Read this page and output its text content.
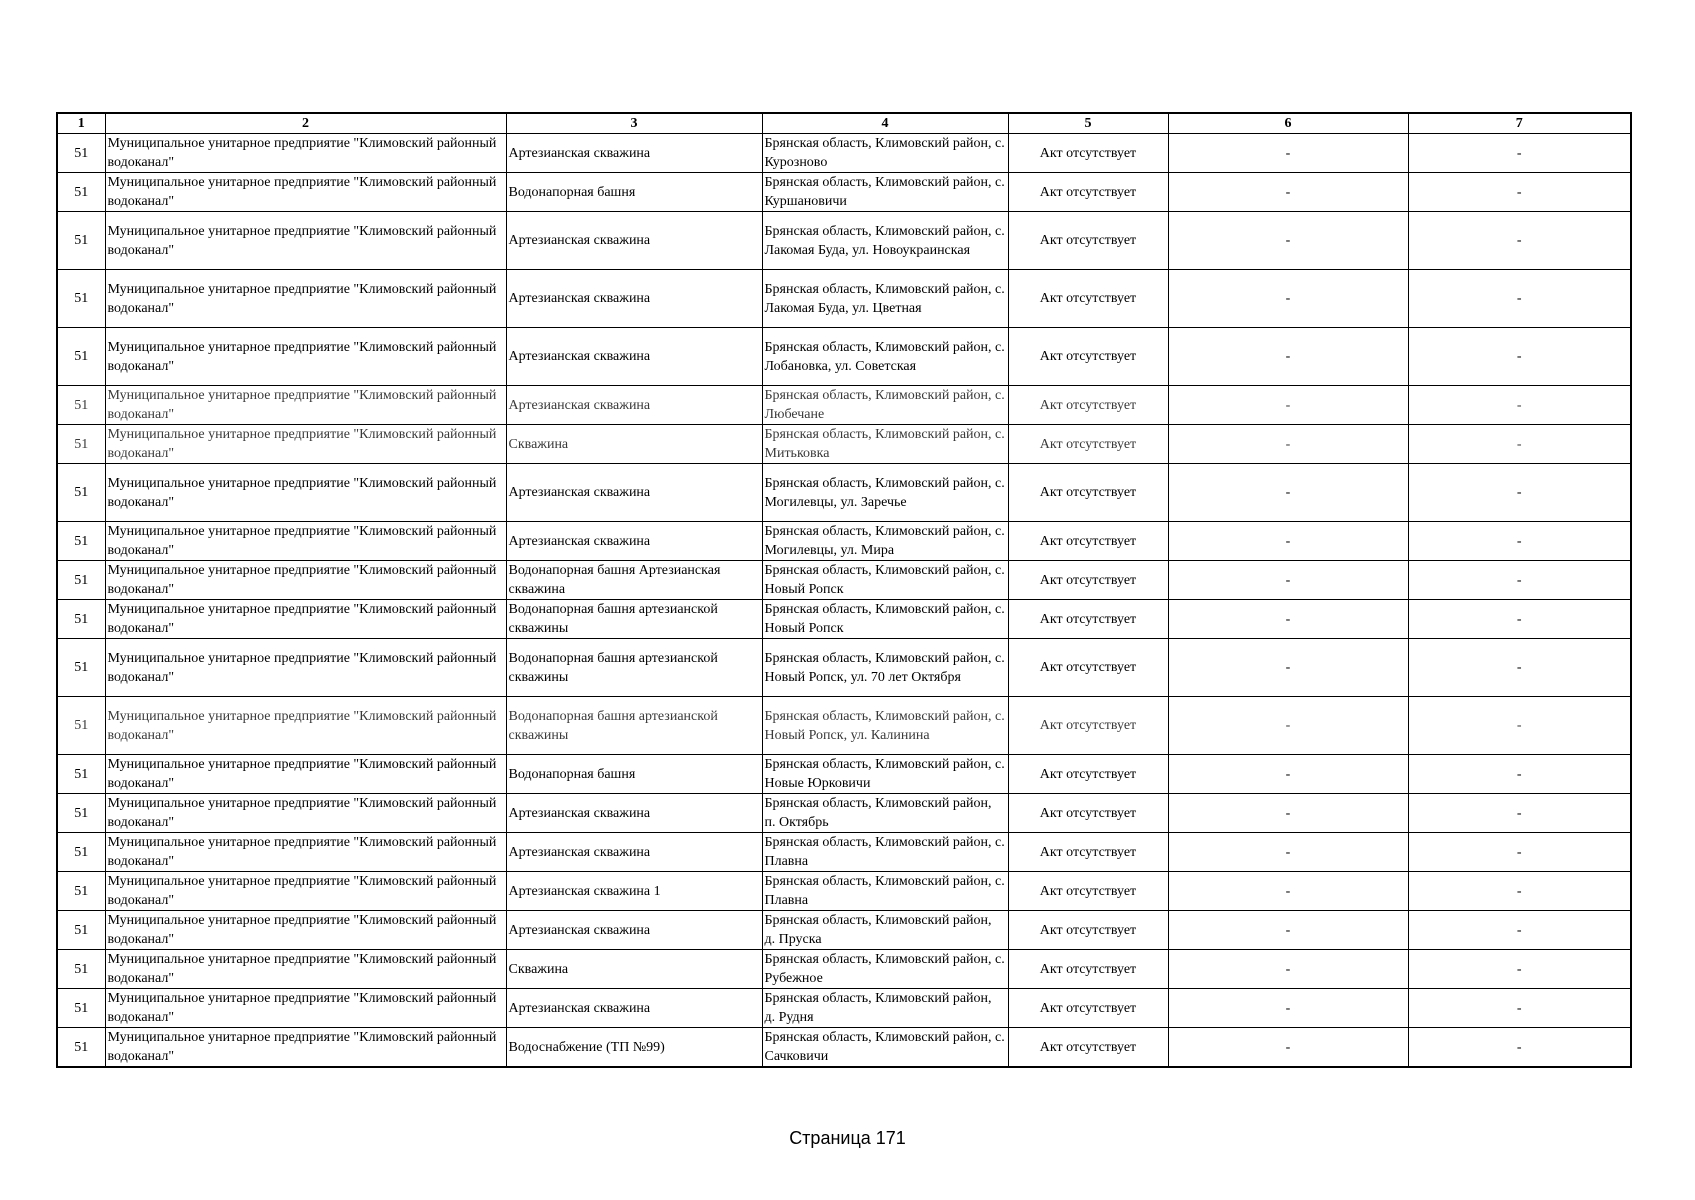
1	2	3	4	5	6	7
51	Муниципальное унитарное предприятие "Климовский районный водоканал"	Артезианская скважина	Брянская область, Климовский район, с. Курозново	Акт отсутствует	-	-
51	Муниципальное унитарное предприятие "Климовский районный водоканал"	Водонапорная башня	Брянская область, Климовский район, с. Куршановичи	Акт отсутствует	-	-
51	Муниципальное унитарное предприятие "Климовский районный водоканал"	Артезианская скважина	Брянская область, Климовский район, с. Лакомая Буда, ул. Новоукраинская	Акт отсутствует	-	-
51	Муниципальное унитарное предприятие "Климовский районный водоканал"	Артезианская скважина	Брянская область, Климовский район, с. Лакомая Буда, ул. Цветная	Акт отсутствует	-	-
51	Муниципальное унитарное предприятие "Климовский районный водоканал"	Артезианская скважина	Брянская область, Климовский район, с. Лобановка, ул. Советская	Акт отсутствует	-	-
51	Муниципальное унитарное предприятие "Климовский районный водоканал"	Артезианская скважина	Брянская область, Климовский район, с. Любечане	Акт отсутствует	-	-
51	Муниципальное унитарное предприятие "Климовский районный водоканал"	Скважина	Брянская область, Климовский район, с. Митьковка	Акт отсутствует	-	-
51	Муниципальное унитарное предприятие "Климовский районный водоканал"	Артезианская скважина	Брянская область, Климовский район, с. Могилевцы, ул. Заречье	Акт отсутствует	-	-
51	Муниципальное унитарное предприятие "Климовский районный водоканал"	Артезианская скважина	Брянская область, Климовский район, с. Могилевцы, ул. Мира	Акт отсутствует	-	-
51	Муниципальное унитарное предприятие "Климовский районный водоканал"	Водонапорная башня Артезианская скважина	Брянская область, Климовский район, с. Новый Ропск	Акт отсутствует	-	-
51	Муниципальное унитарное предприятие "Климовский районный водоканал"	Водонапорная башня артезианской скважины	Брянская область, Климовский район, с. Новый Ропск	Акт отсутствует	-	-
51	Муниципальное унитарное предприятие "Климовский районный водоканал"	Водонапорная башня артезианской скважины	Брянская область, Климовский район, с. Новый Ропск, ул. 70 лет Октября	Акт отсутствует	-	-
51	Муниципальное унитарное предприятие "Климовский районный водоканал"	Водонапорная башня артезианской скважины	Брянская область, Климовский район, с. Новый Ропск, ул. Калинина	Акт отсутствует	-	-
51	Муниципальное унитарное предприятие "Климовский районный водоканал"	Водонапорная башня	Брянская область, Климовский район, с. Новые Юрковичи	Акт отсутствует	-	-
51	Муниципальное унитарное предприятие "Климовский районный водоканал"	Артезианская скважина	Брянская область, Климовский район, п. Октябрь	Акт отсутствует	-	-
51	Муниципальное унитарное предприятие "Климовский районный водоканал"	Артезианская скважина	Брянская область, Климовский район, с. Плавна	Акт отсутствует	-	-
51	Муниципальное унитарное предприятие "Климовский районный водоканал"	Артезианская скважина 1	Брянская область, Климовский район, с. Плавна	Акт отсутствует	-	-
51	Муниципальное унитарное предприятие "Климовский районный водоканал"	Артезианская скважина	Брянская область, Климовский район, д. Пруска	Акт отсутствует	-	-
51	Муниципальное унитарное предприятие "Климовский районный водоканал"	Скважина	Брянская область, Климовский район, с. Рубежное	Акт отсутствует	-	-
51	Муниципальное унитарное предприятие "Климовский районный водоканал"	Артезианская скважина	Брянская область, Климовский район, д. Рудня	Акт отсутствует	-	-
51	Муниципальное унитарное предприятие "Климовский районный водоканал"	Водоснабжение (ТП №99)	Брянская область, Климовский район, с. Сачковичи	Акт отсутствует	-	-
Страница 171
